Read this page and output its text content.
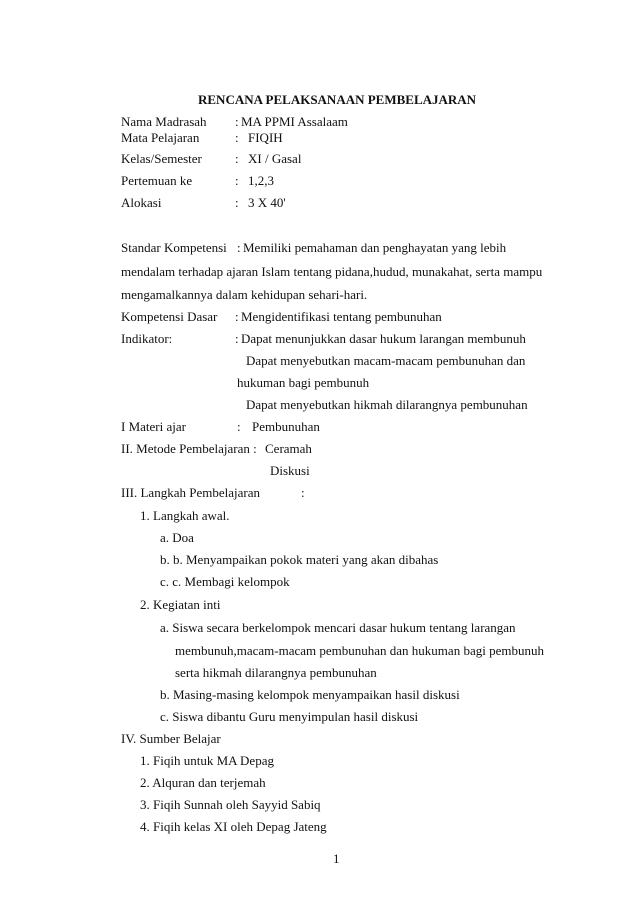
RENCANA PELAKSANAAN PEMBELAJARAN
Nama Madrasah : MA PPMI Assalaam
Mata Pelajaran	: FIQIH
Kelas/Semester	: XI / Gasal
Pertemuan ke	: 1,2,3
Alokasi	: 3 X 40'
Standar Kompetensi : Memiliki pemahaman dan penghayatan yang lebih
mendalam terhadap ajaran Islam tentang pidana,hudud, munakahat, serta mampu
mengamalkannya dalam kehidupan sehari-hari.
Kompetensi Dasar : Mengidentifikasi tentang pembunuhan
Indikator:	: Dapat menunjukkan dasar hukum larangan membunuh
Dapat menyebutkan macam-macam pembunuhan dan
hukuman bagi pembunuh
Dapat menyebutkan hikmah dilarangnya pembunuhan
I Materi ajar	: Pembunuhan
II. Metode Pembelajaran : Ceramah
Diskusi
III. Langkah Pembelajaran	:
1. Langkah awal.
a. Doa
b. b. Menyampaikan pokok materi yang akan dibahas
c. c. Membagi kelompok
2. Kegiatan inti
a. Siswa secara berkelompok mencari dasar hukum tentang larangan
membunuh,macam-macam pembunuhan dan hukuman bagi pembunuh
serta hikmah dilarangnya pembunuhan
b. Masing-masing kelompok menyampaikan hasil diskusi
c. Siswa dibantu Guru menyimpulan hasil diskusi
IV. Sumber Belajar
1. Fiqih untuk MA Depag
2. Alquran dan terjemah
3. Fiqih Sunnah oleh Sayyid Sabiq
4. Fiqih kelas XI oleh Depag Jateng
1
